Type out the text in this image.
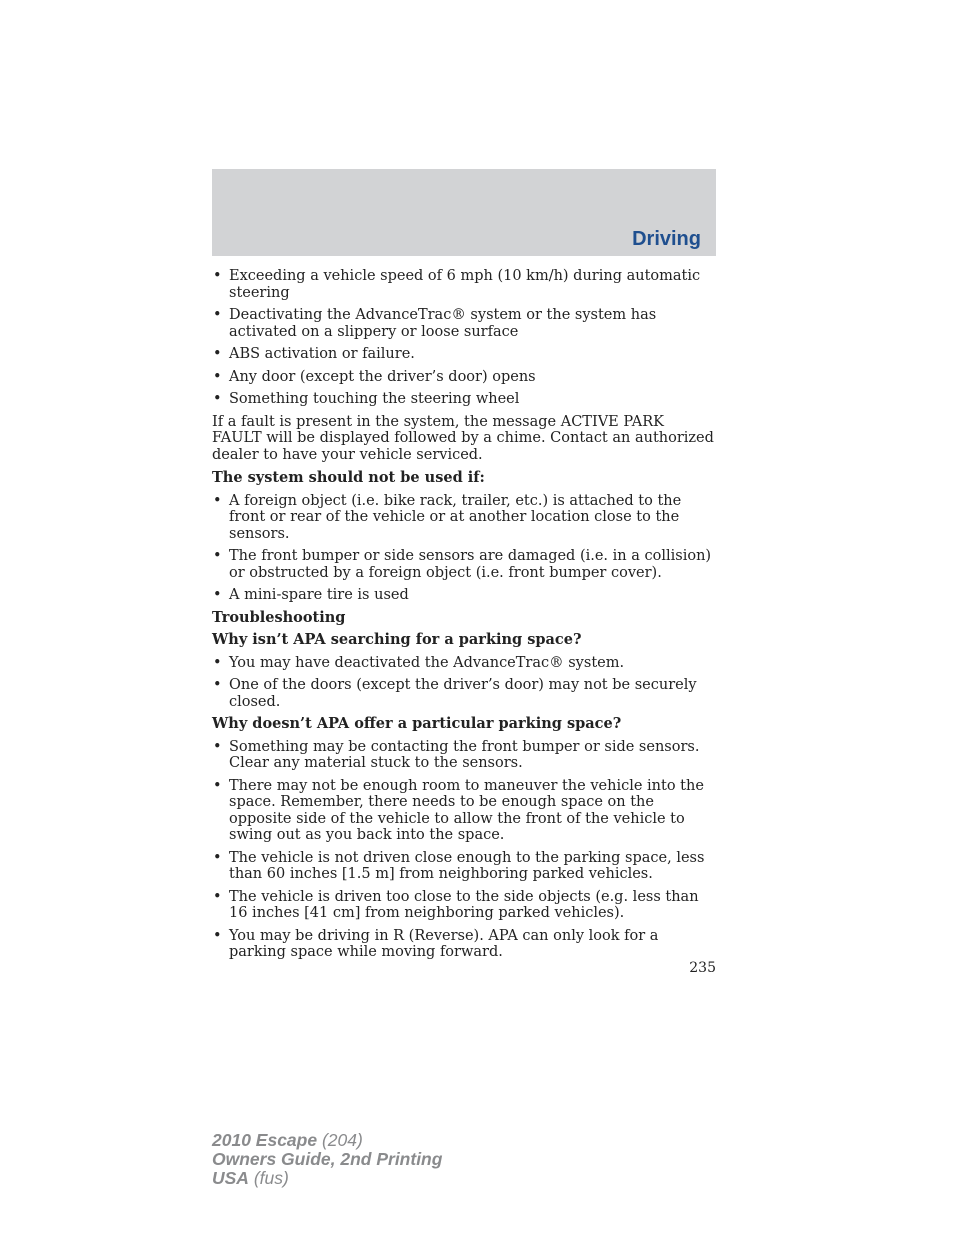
Driving
• Exceeding a vehicle speed of 6 mph (10 km/h) during automatic steering
• Deactivating the AdvanceTrac® system or the system has activated on a slippery or loose surface
• ABS activation or failure.
• Any door (except the driver’s door) opens
• Something touching the steering wheel

If a fault is present in the system, the message ACTIVE PARK FAULT will be displayed followed by a chime. Contact an authorized dealer to have your vehicle serviced.

The system should not be used if:

• A foreign object (i.e. bike rack, trailer, etc.) is attached to the front or rear of the vehicle or at another location close to the sensors.
• The front bumper or side sensors are damaged (i.e. in a collision) or obstructed by a foreign object (i.e. front bumper cover).
• A mini-spare tire is used

Troubleshooting

Why isn’t APA searching for a parking space?

• You may have deactivated the AdvanceTrac® system.
• One of the doors (except the driver’s door) may not be securely closed.

Why doesn’t APA offer a particular parking space?

• Something may be contacting the front bumper or side sensors. Clear any material stuck to the sensors.
• There may not be enough room to maneuver the vehicle into the space. Remember, there needs to be enough space on the opposite side of the vehicle to allow the front of the vehicle to swing out as you back into the space.
• The vehicle is not driven close enough to the parking space, less than 60 inches [1.5 m] from neighboring parked vehicles.
• The vehicle is driven too close to the side objects (e.g. less than 16 inches [41 cm] from neighboring parked vehicles).
• You may be driving in R (Reverse). APA can only look for a parking space while moving forward.
235
2010 Escape (204)
Owners Guide, 2nd Printing
USA (fus)
